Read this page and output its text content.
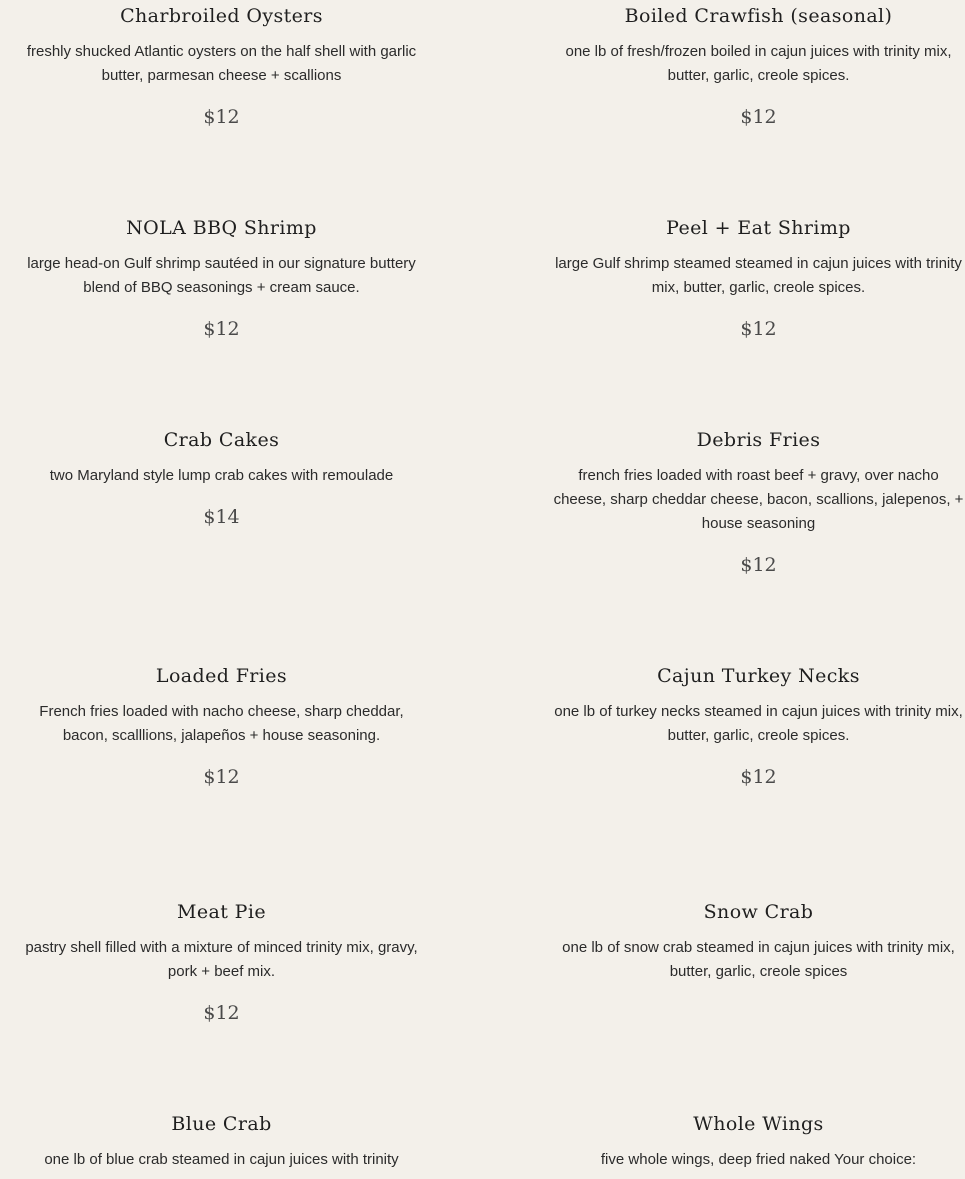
Charbroiled Oysters

freshly shucked Atlantic oysters on the half shell with garlic butter, parmesan cheese + scallions

$12
Boiled Crawfish (seasonal)

one lb of fresh/frozen boiled in cajun juices with trinity mix, butter, garlic, creole spices.

$12
NOLA BBQ Shrimp

large head-on Gulf shrimp sautéed in our signature buttery blend of BBQ seasonings + cream sauce.

$12
Peel + Eat Shrimp

large Gulf shrimp steamed steamed in cajun juices with trinity mix, butter, garlic, creole spices.

$12
Crab Cakes

two Maryland style lump crab cakes with remoulade

$14
Debris Fries

french fries loaded with roast beef + gravy, over nacho cheese, sharp cheddar cheese, bacon, scallions, jalepenos, + house seasoning

$12
Loaded Fries

French fries loaded with nacho cheese, sharp cheddar, bacon, scalllions, jalapeños + house seasoning.

$12
Cajun Turkey Necks

one lb of turkey necks steamed in cajun juices with trinity mix, butter, garlic, creole spices.

$12
Meat Pie

pastry shell filled with a mixture of minced trinity mix, gravy, pork + beef mix.

$12
Snow Crab

one lb of snow crab steamed in cajun juices with trinity mix, butter, garlic, creole spices

Blue Crab

one lb of blue crab steamed in cajun juices with trinity

Whole Wings

five whole wings, deep fried naked Your choice:
